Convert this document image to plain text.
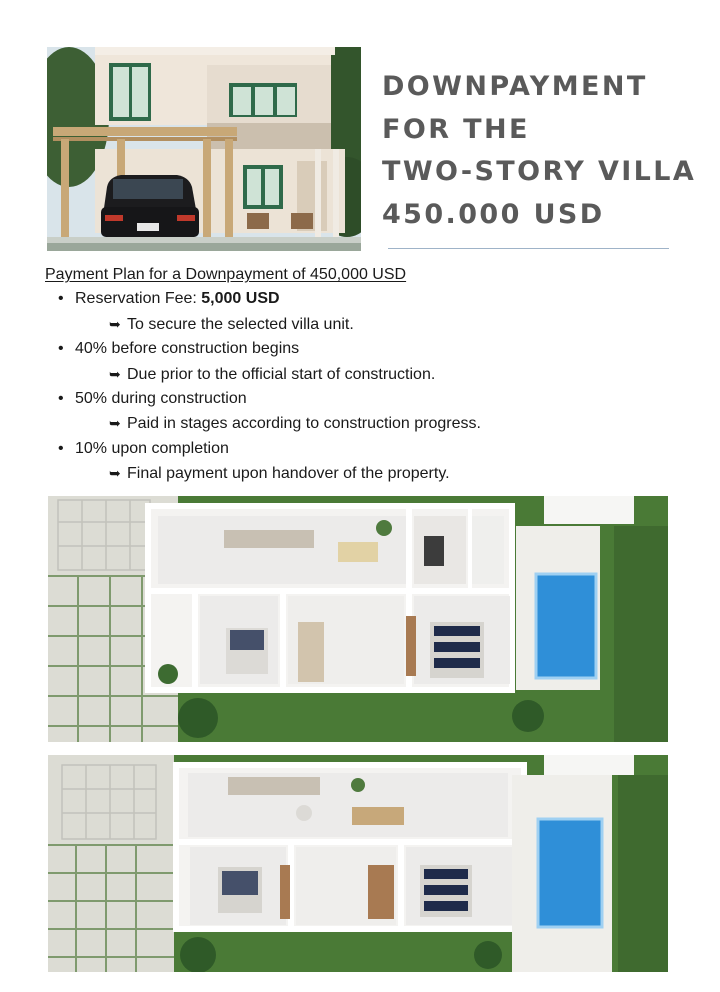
DOWNPAYMENT
FOR THE
TWO-STORY VILLA
450.000 USD
Payment Plan for a Downpayment of 450,000 USD
• Reservation Fee: 5,000 USD
➥ To secure the selected villa unit.
• 40% before construction begins
➥ Due prior to the official start of construction.
• 50% during construction
➥ Paid in stages according to construction progress.
• 10% upon completion
➥ Final payment upon handover of the property.
